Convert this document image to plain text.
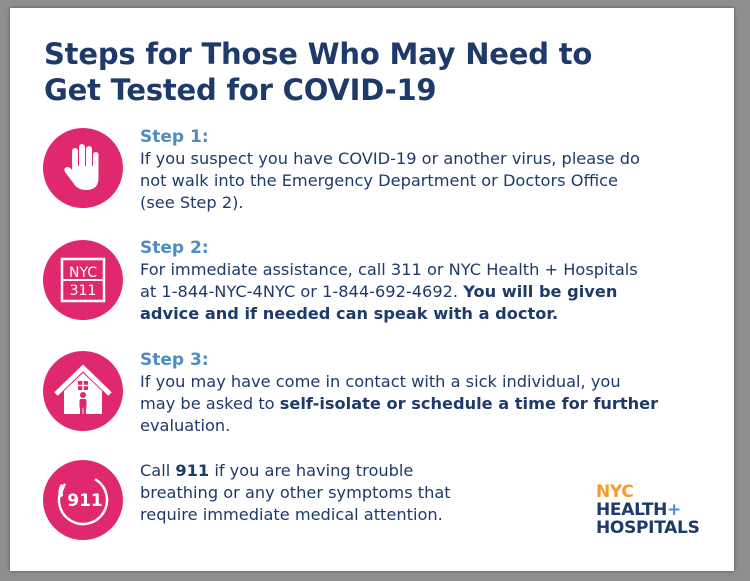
Steps for Those Who May Need to
Get Tested for COVID-19
Step 1:
If you suspect you have COVID-19 or another virus, please do
not walk into the Emergency Department or Doctors Office
(see Step 2).
NYC
311
Step 2:
For immediate assistance, call 311 or NYC Health + Hospitals
at 1-844-NYC-4NYC or 1-844-692-4692. You will be given
advice and if needed can speak with a doctor.
Step 3:
If you may have come in contact with a sick individual, you
may be asked to self-isolate or schedule a time for further
evaluation.
911
Call 911 if you are having trouble
breathing or any other symptoms that
require immediate medical attention.
NYC
HEALTH+
HOSPITALS
